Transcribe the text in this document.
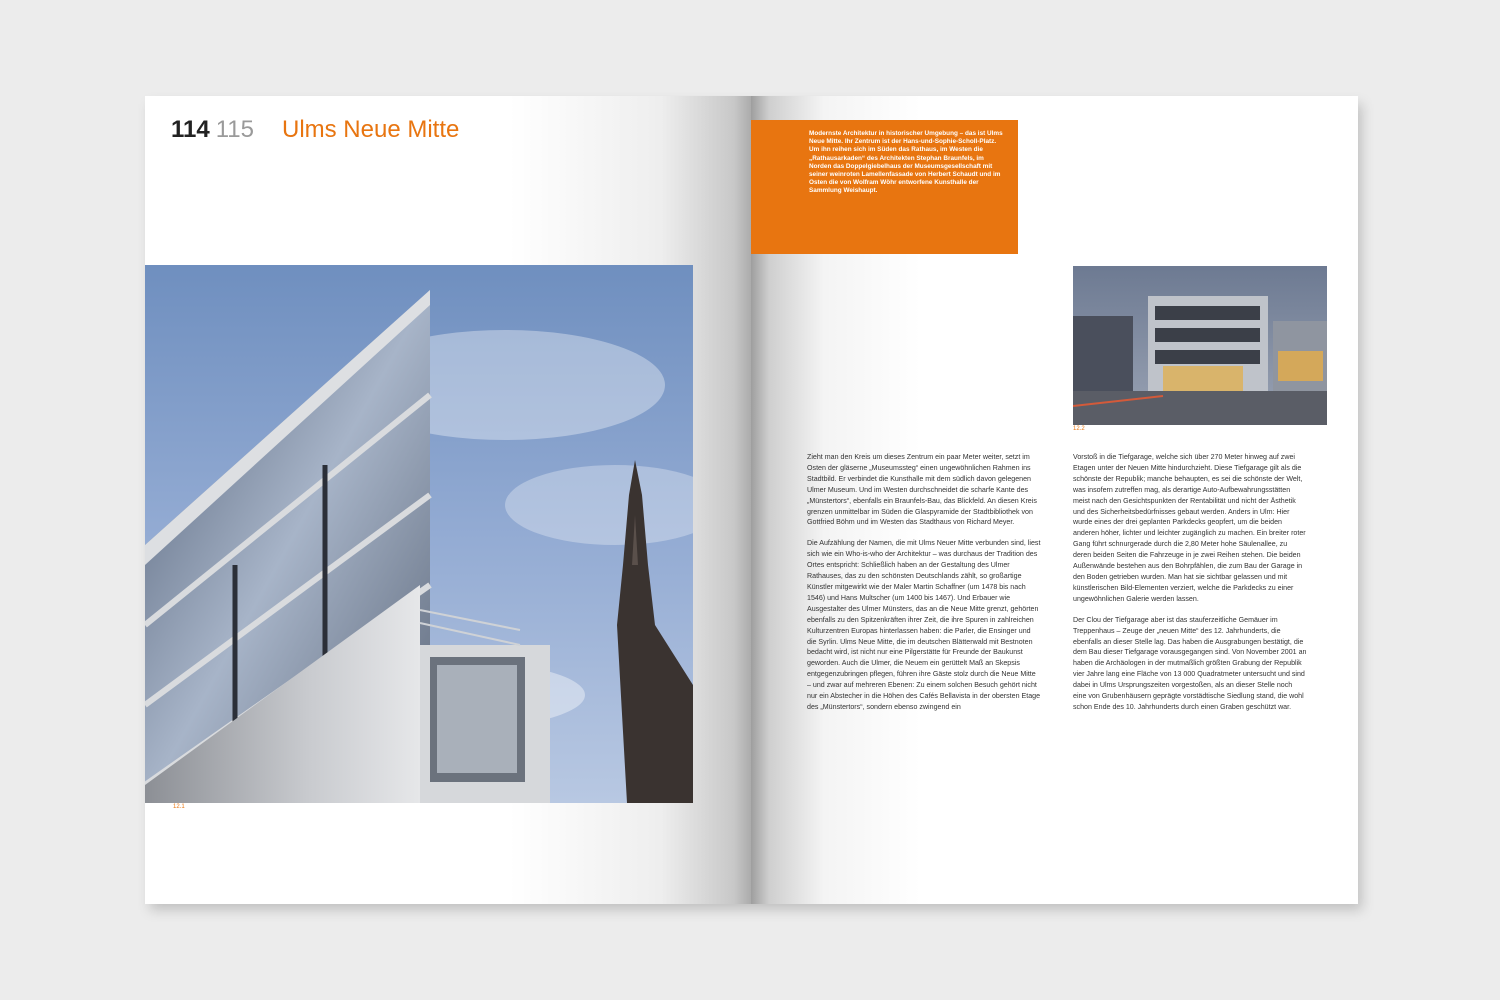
114 115 Ulms Neue Mitte
12.1

Modernste Architektur in historischer Umgebung – das ist Ulms Neue Mitte. Ihr Zentrum ist der Hans-und-Sophie-Scholl-Platz. Um ihn reihen sich im Süden das Rathaus, im Westen die „Rathausarkaden“ des Architekten Stephan Braunfels, im Norden das Doppelgiebelhaus der Museumsgesellschaft mit seiner weinroten Lamellenfassade von Herbert Schaudt und im Osten die von Wolfram Wöhr entworfene Kunsthalle der Sammlung Weishaupt.

12.2

Zieht man den Kreis um dieses Zentrum ein paar Meter weiter, setzt im Osten der gläserne „Museumssteg“ einen ungewöhnlichen Rahmen ins Stadtbild. Er verbindet die Kunsthalle mit dem südlich davon gelegenen Ulmer Museum. Und im Westen durchschneidet die scharfe Kante des „Münstertors“, ebenfalls ein Braunfels-Bau, das Blickfeld. An diesen Kreis grenzen unmittelbar im Süden die Glaspyramide der Stadtbibliothek von Gottfried Böhm und im Westen das Stadthaus von Richard Meyer.

Die Aufzählung der Namen, die mit Ulms Neuer Mitte verbunden sind, liest sich wie ein Who-is-who der Architektur – was durchaus der Tradition des Ortes entspricht: Schließlich haben an der Gestaltung des Ulmer Rathauses, das zu den schönsten Deutschlands zählt, so großartige Künstler mitgewirkt wie der Maler Martin Schaffner (um 1478 bis nach 1546) und Hans Multscher (um 1400 bis 1467). Und Erbauer wie Ausgestalter des Ulmer Münsters, das an die Neue Mitte grenzt, gehörten ebenfalls zu den Spitzenkräften ihrer Zeit, die ihre Spuren in zahlreichen Kulturzentren Europas hinterlassen haben: die Parler, die Ensinger und die Syrlin. Ulms Neue Mitte, die im deutschen Blätterwald mit Bestnoten bedacht wird, ist nicht nur eine Pilgerstätte für Freunde der Baukunst geworden. Auch die Ulmer, die Neuem ein gerüttelt Maß an Skepsis entgegenzubringen pflegen, führen ihre Gäste stolz durch die Neue Mitte – und zwar auf mehreren Ebenen: Zu einem solchen Besuch gehört nicht nur ein Abstecher in die Höhen des Cafés Bellavista in der obersten Etage des „Münstertors“, sondern ebenso zwingend ein

Vorstoß in die Tiefgarage, welche sich über 270 Meter hinweg auf zwei Etagen unter der Neuen Mitte hindurchzieht. Diese Tiefgarage gilt als die schönste der Republik; manche behaupten, es sei die schönste der Welt, was insofern zutreffen mag, als derartige Auto-Aufbewahrungsstätten meist nach den Gesichtspunkten der Rentabilität und nicht der Ästhetik und des Sicherheitsbedürfnisses gebaut werden. Anders in Ulm: Hier wurde eines der drei geplanten Parkdecks geopfert, um die beiden anderen höher, lichter und leichter zugänglich zu machen. Ein breiter roter Gang führt schnurgerade durch die 2,80 Meter hohe Säulenallee, zu deren beiden Seiten die Fahrzeuge in je zwei Reihen stehen. Die beiden Außenwände bestehen aus den Bohrpfählen, die zum Bau der Garage in den Boden getrieben wurden. Man hat sie sichtbar gelassen und mit künstlerischen Bild-Elementen verziert, welche die Parkdecks zu einer ungewöhnlichen Galerie werden lassen.

Der Clou der Tiefgarage aber ist das stauferzeitliche Gemäuer im Treppenhaus – Zeuge der „neuen Mitte“ des 12. Jahrhunderts, die ebenfalls an dieser Stelle lag. Das haben die Ausgrabungen bestätigt, die dem Bau dieser Tiefgarage vorausgegangen sind. Von November 2001 an haben die Archäologen in der mutmaßlich größten Grabung der Republik vier Jahre lang eine Fläche von 13 000 Quadratmeter untersucht und sind dabei in Ulms Ursprungszeiten vorgestoßen, als an dieser Stelle noch eine von Grubenhäusern geprägte vorstädtische Siedlung stand, die wohl schon Ende des 10. Jahrhunderts durch einen Graben geschützt war.
